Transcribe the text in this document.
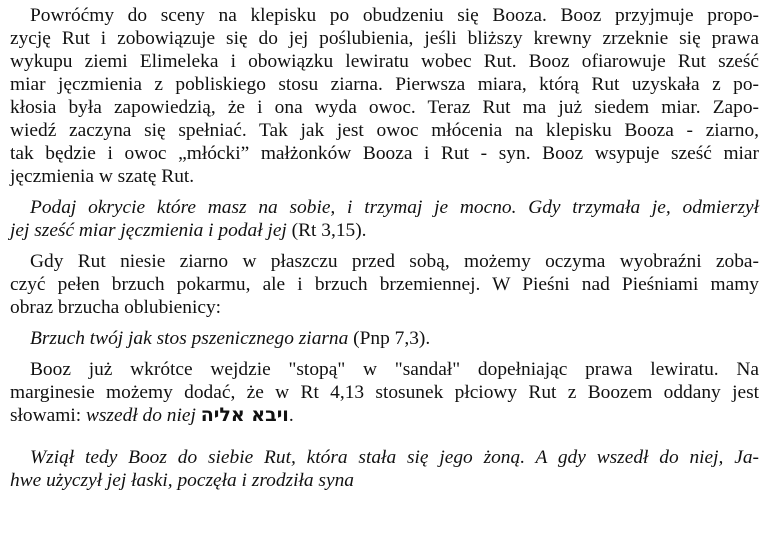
Powróćmy do sceny na klepisku po obudzeniu się Booza. Booz przyjmuje propo-
zycję Rut i zobowiązuje się do jej poślubienia, jeśli bliższy krewny zrzeknie się prawa
wykupu ziemi Elimeleka i obowiązku lewiratu wobec Rut. Booz ofiarowuje Rut sześć
miar jęczmienia z pobliskiego stosu ziarna. Pierwsza miara, którą Rut uzyskała z po-
kłosia była zapowiedzią, że i ona wyda owoc. Teraz Rut ma już siedem miar. Zapo-
wiedź zaczyna się spełniać. Tak jak jest owoc młócenia na klepisku Booza - ziarno,
tak będzie i owoc „młócki” małżonków Booza i Rut - syn. Booz wsypuje sześć miar
jęczmienia w szatę Rut.
Podaj okrycie które masz na sobie, i trzymaj je mocno. Gdy trzymała je, odmierzył
jej sześć miar jęczmienia i podał jej (Rt 3,15).
Gdy Rut niesie ziarno w płaszczu przed sobą, możemy oczyma wyobraźni zoba-
czyć pełen brzuch pokarmu, ale i brzuch brzemiennej. W Pieśni nad Pieśniami mamy
obraz brzucha oblubienicy:
Brzuch twój jak stos pszenicznego ziarna (Pnp 7,3).
Booz już wkrótce wejdzie "stopą" w "sandał" dopełniając prawa lewiratu. Na
marginesie możemy dodać, że w Rt 4,13 stosunek płciowy Rut z Boozem oddany jest
słowami: wszedł do niej ויבא אליה.
Wziął tedy Booz do siebie Rut, która stała się jego żoną. A gdy wszedł do niej, Ja-
hwe użyczył jej łaski, poczęła i zrodziła syna
